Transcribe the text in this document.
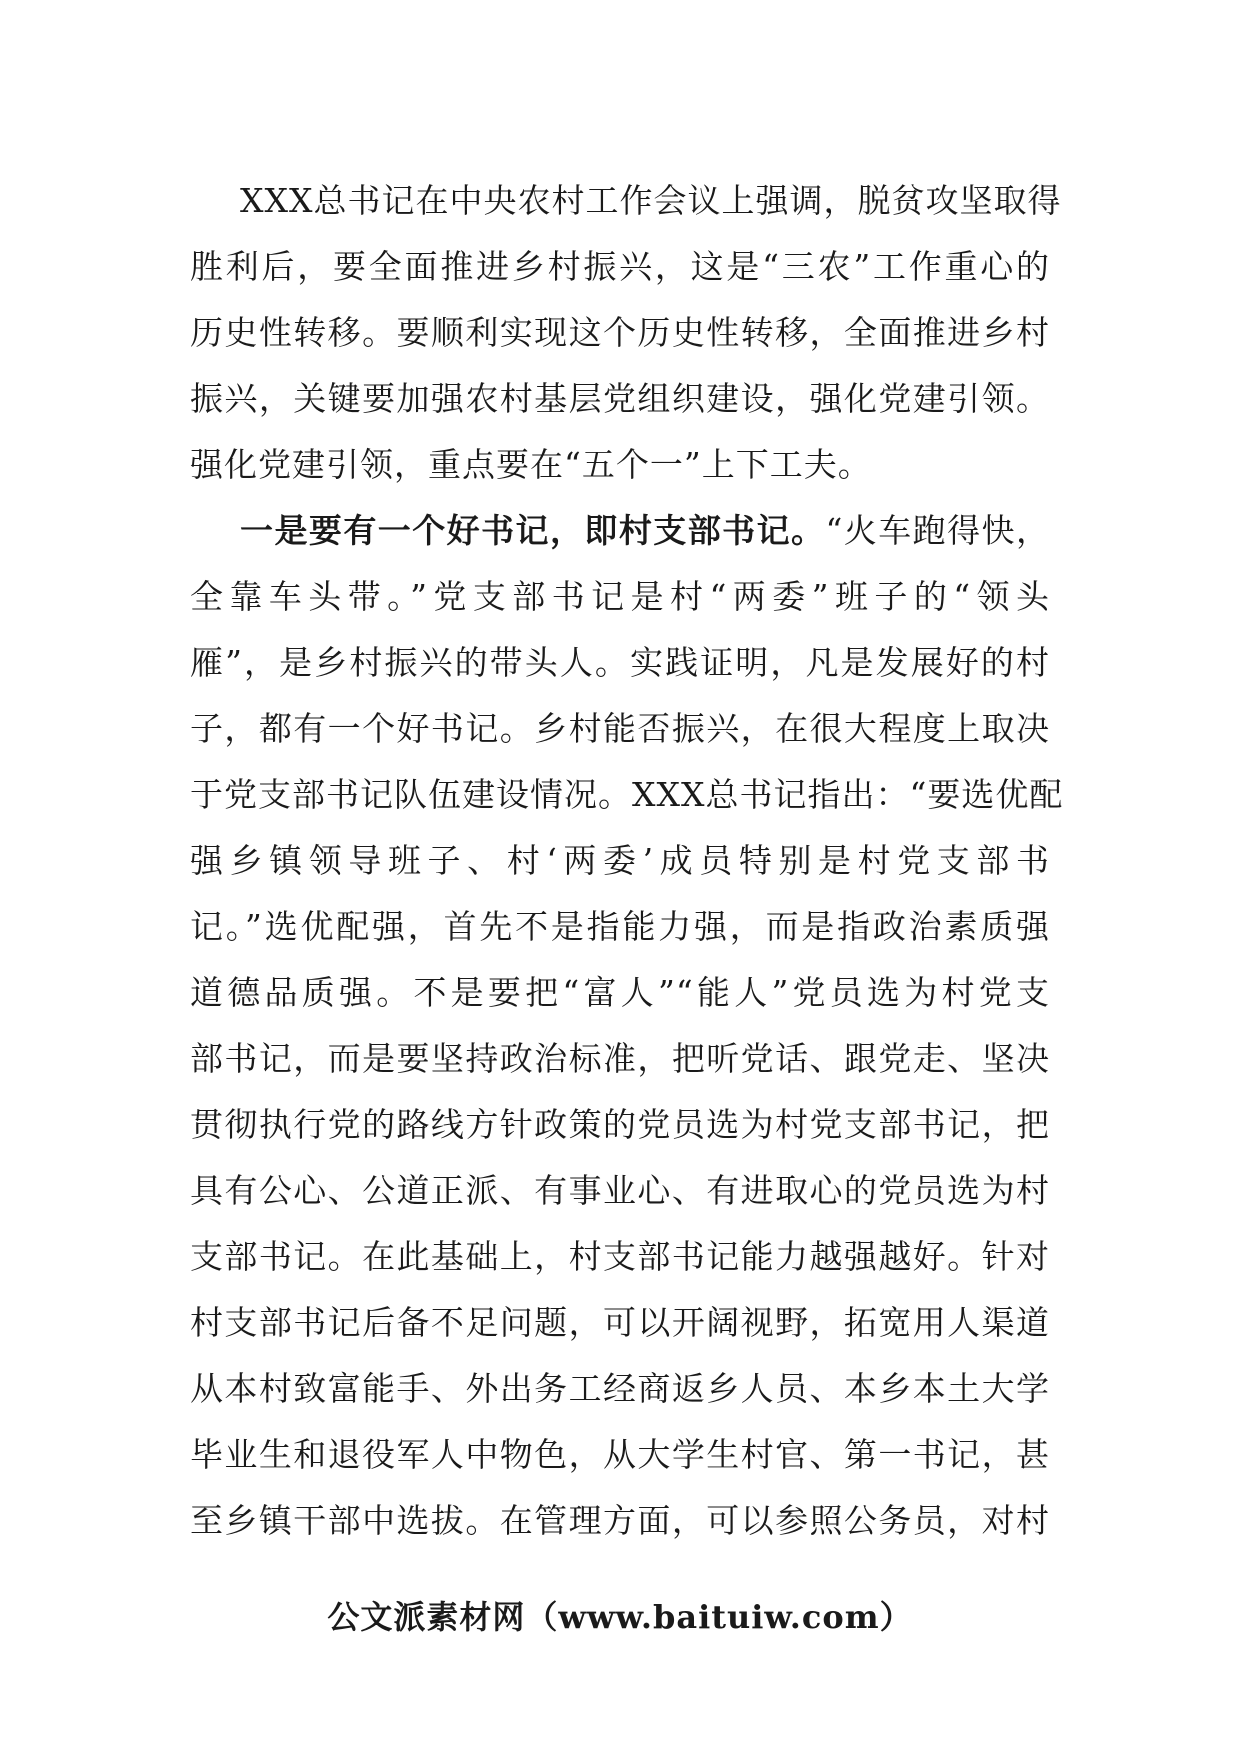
XXX总书记在中央农村工作会议上强调，脱贫攻坚取得
胜利后，要全面推进乡村振兴，这是“三农”工作重心的
历史性转移。要顺利实现这个历史性转移，全面推进乡村
振兴，关键要加强农村基层党组织建设，强化党建引领。
强化党建引领，重点要在“五个一”上下工夫。
一是要有一个好书记，即村支部书记。“火车跑得快，
全靠车头带。”党支部书记是村“两委”班子的“领头
雁”，是乡村振兴的带头人。实践证明，凡是发展好的村
子，都有一个好书记。乡村能否振兴，在很大程度上取决
于党支部书记队伍建设情况。XXX总书记指出：“要选优配
强乡镇领导班子、村‘两委’成员特别是村党支部书
记。”选优配强，首先不是指能力强，而是指政治素质强
道德品质强。不是要把“富人”“能人”党员选为村党支
部书记，而是要坚持政治标准，把听党话、跟党走、坚决
贯彻执行党的路线方针政策的党员选为村党支部书记，把
具有公心、公道正派、有事业心、有进取心的党员选为村
支部书记。在此基础上，村支部书记能力越强越好。针对
村支部书记后备不足问题，可以开阔视野，拓宽用人渠道
从本村致富能手、外出务工经商返乡人员、本乡本土大学
毕业生和退役军人中物色，从大学生村官、第一书记，甚
至乡镇干部中选拔。在管理方面，可以参照公务员，对村
公文派素材网（www.baituiw.com）
